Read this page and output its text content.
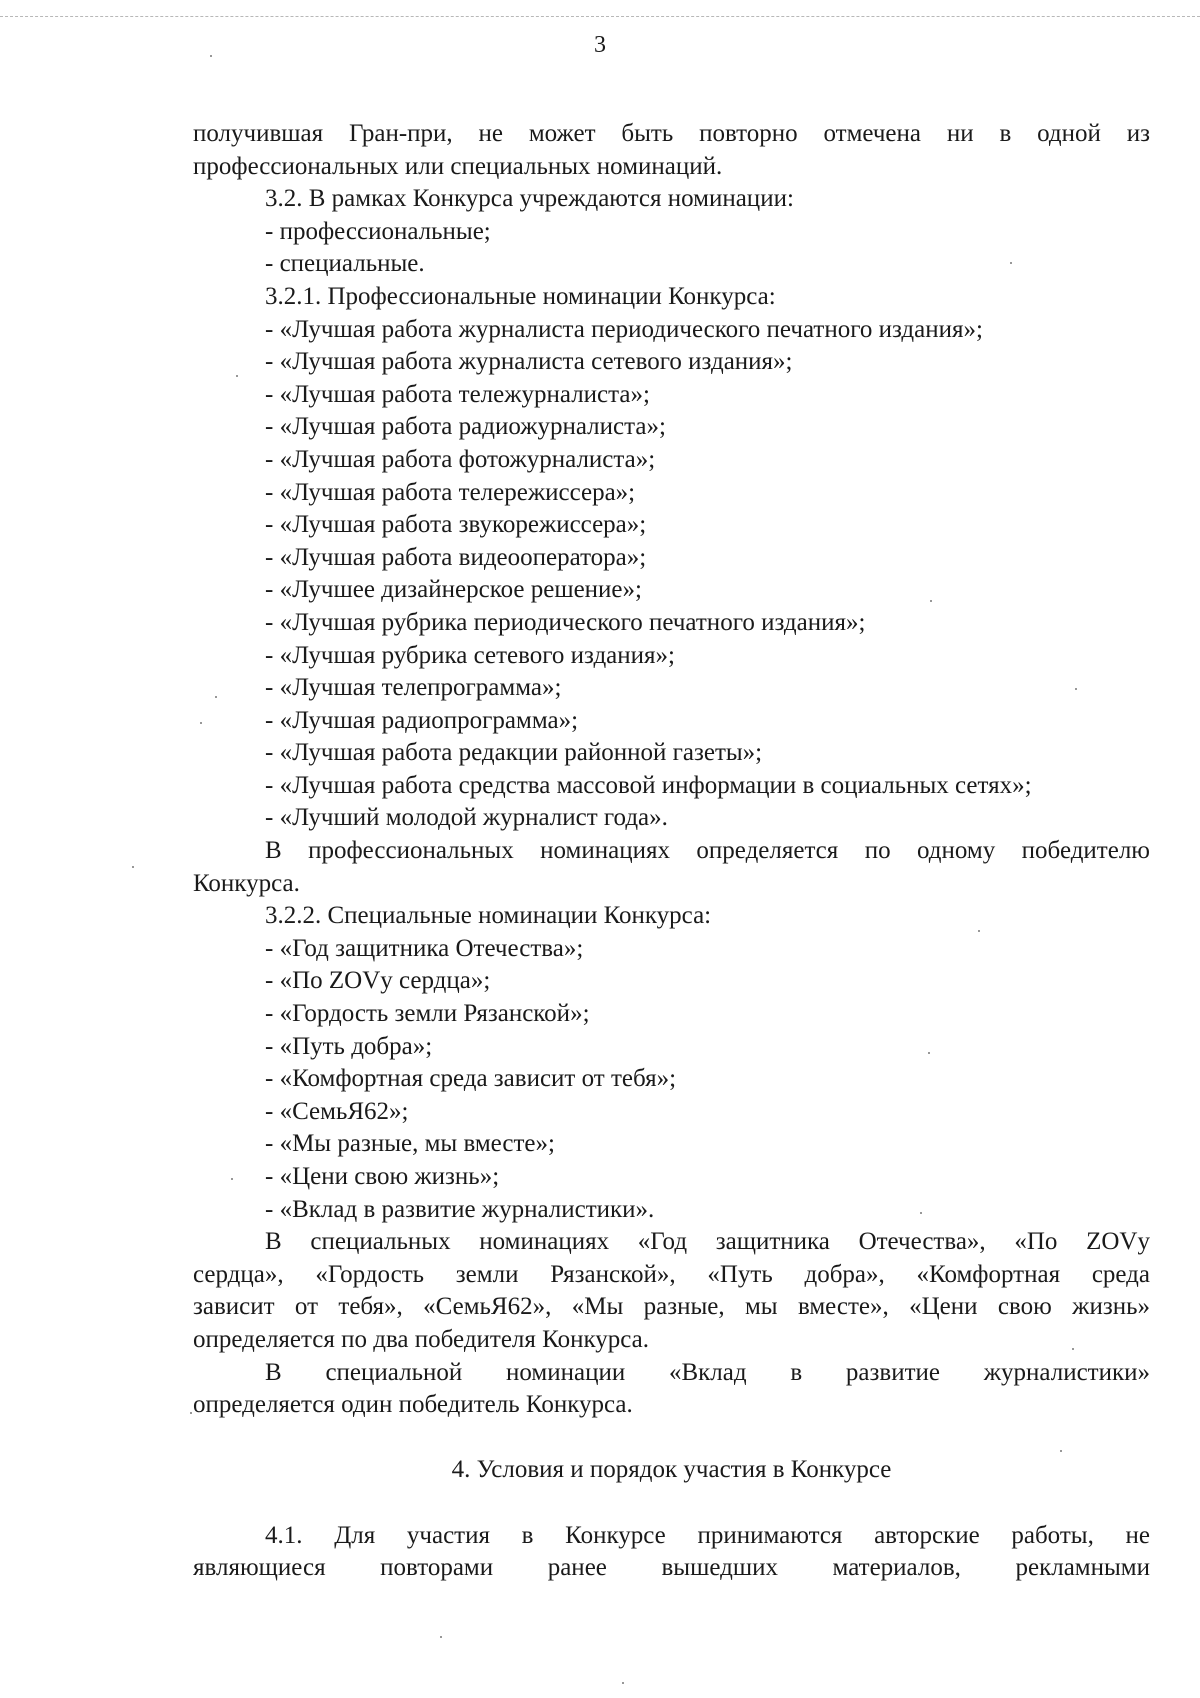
3
получившая Гран-при, не может быть повторно отмечена ни в одной из
профессиональных или специальных номинаций.
3.2. В рамках Конкурса учреждаются номинации:
- профессиональные;
- специальные.
3.2.1. Профессиональные номинации Конкурса:
- «Лучшая работа журналиста периодического печатного издания»;
- «Лучшая работа журналиста сетевого издания»;
- «Лучшая работа тележурналиста»;
- «Лучшая работа радиожурналиста»;
- «Лучшая работа фотожурналиста»;
- «Лучшая работа телережиссера»;
- «Лучшая работа звукорежиссера»;
- «Лучшая работа видеооператора»;
- «Лучшее дизайнерское решение»;
- «Лучшая рубрика периодического печатного издания»;
- «Лучшая рубрика сетевого издания»;
- «Лучшая телепрограмма»;
- «Лучшая радиопрограмма»;
- «Лучшая работа редакции районной газеты»;
- «Лучшая работа средства массовой информации в социальных сетях»;
- «Лучший молодой журналист года».
В профессиональных номинациях определяется по одному победителю
Конкурса.
3.2.2. Специальные номинации Конкурса:
- «Год защитника Отечества»;
- «По ZOVу сердца»;
- «Гордость земли Рязанской»;
- «Путь добра»;
- «Комфортная среда зависит от тебя»;
- «СемьЯ62»;
- «Мы разные, мы вместе»;
- «Цени свою жизнь»;
- «Вклад в развитие журналистики».
В специальных номинациях «Год защитника Отечества», «По ZOVу
сердца», «Гордость земли Рязанской», «Путь добра», «Комфортная среда
зависит от тебя», «СемьЯ62», «Мы разные, мы вместе», «Цени свою жизнь»
определяется по два победителя Конкурса.
В специальной номинации «Вклад в развитие журналистики»
определяется один победитель Конкурса.
4. Условия и порядок участия в Конкурсе
4.1. Для участия в Конкурсе принимаются авторские работы, не
являющиеся повторами ранее вышедших материалов, рекламными
